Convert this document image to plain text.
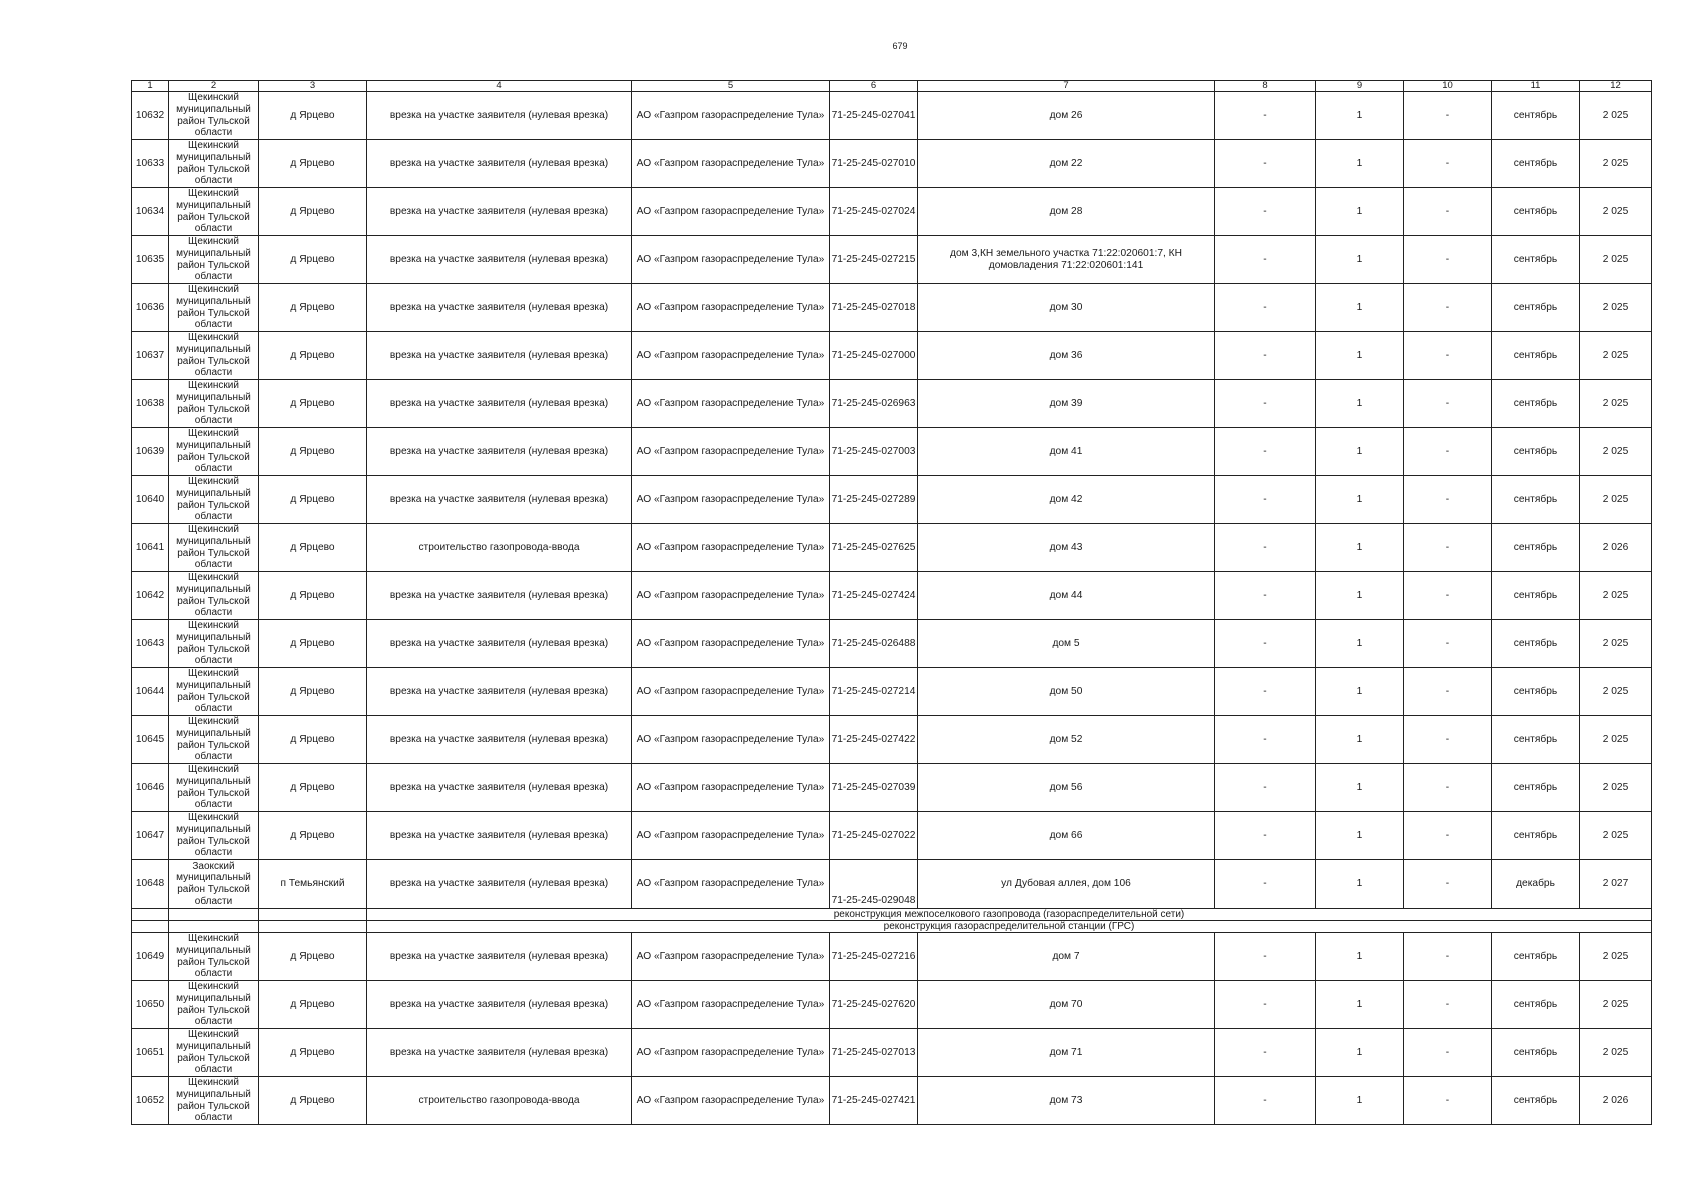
679
1	2	3	4	5	6	7	8	9	10	11	12
10632	Щекинский муниципальный район Тульской области	д Ярцево	врезка на участке заявителя (нулевая врезка)	АО «Газпром газораспределение Тула»	71-25-245-027041	дом 26	-	1	-	сентябрь	2 025
10633	Щекинский муниципальный район Тульской области	д Ярцево	врезка на участке заявителя (нулевая врезка)	АО «Газпром газораспределение Тула»	71-25-245-027010	дом 22	-	1	-	сентябрь	2 025
10634	Щекинский муниципальный район Тульской области	д Ярцево	врезка на участке заявителя (нулевая врезка)	АО «Газпром газораспределение Тула»	71-25-245-027024	дом 28	-	1	-	сентябрь	2 025
10635	Щекинский муниципальный район Тульской области	д Ярцево	врезка на участке заявителя (нулевая врезка)	АО «Газпром газораспределение Тула»	71-25-245-027215	дом 3,КН земельного участка 71:22:020601:7, КН домовладения 71:22:020601:141	-	1	-	сентябрь	2 025
10636	Щекинский муниципальный район Тульской области	д Ярцево	врезка на участке заявителя (нулевая врезка)	АО «Газпром газораспределение Тула»	71-25-245-027018	дом 30	-	1	-	сентябрь	2 025
10637	Щекинский муниципальный район Тульской области	д Ярцево	врезка на участке заявителя (нулевая врезка)	АО «Газпром газораспределение Тула»	71-25-245-027000	дом 36	-	1	-	сентябрь	2 025
10638	Щекинский муниципальный район Тульской области	д Ярцево	врезка на участке заявителя (нулевая врезка)	АО «Газпром газораспределение Тула»	71-25-245-026963	дом 39	-	1	-	сентябрь	2 025
10639	Щекинский муниципальный район Тульской области	д Ярцево	врезка на участке заявителя (нулевая врезка)	АО «Газпром газораспределение Тула»	71-25-245-027003	дом 41	-	1	-	сентябрь	2 025
10640	Щекинский муниципальный район Тульской области	д Ярцево	врезка на участке заявителя (нулевая врезка)	АО «Газпром газораспределение Тула»	71-25-245-027289	дом 42	-	1	-	сентябрь	2 025
10641	Щекинский муниципальный район Тульской области	д Ярцево	строительство газопровода-ввода	АО «Газпром газораспределение Тула»	71-25-245-027625	дом 43	-	1	-	сентябрь	2 026
10642	Щекинский муниципальный район Тульской области	д Ярцево	врезка на участке заявителя (нулевая врезка)	АО «Газпром газораспределение Тула»	71-25-245-027424	дом 44	-	1	-	сентябрь	2 025
10643	Щекинский муниципальный район Тульской области	д Ярцево	врезка на участке заявителя (нулевая врезка)	АО «Газпром газораспределение Тула»	71-25-245-026488	дом 5	-	1	-	сентябрь	2 025
10644	Щекинский муниципальный район Тульской области	д Ярцево	врезка на участке заявителя (нулевая врезка)	АО «Газпром газораспределение Тула»	71-25-245-027214	дом 50	-	1	-	сентябрь	2 025
10645	Щекинский муниципальный район Тульской области	д Ярцево	врезка на участке заявителя (нулевая врезка)	АО «Газпром газораспределение Тула»	71-25-245-027422	дом 52	-	1	-	сентябрь	2 025
10646	Щекинский муниципальный район Тульской области	д Ярцево	врезка на участке заявителя (нулевая врезка)	АО «Газпром газораспределение Тула»	71-25-245-027039	дом 56	-	1	-	сентябрь	2 025
10647	Щекинский муниципальный район Тульской области	д Ярцево	врезка на участке заявителя (нулевая врезка)	АО «Газпром газораспределение Тула»	71-25-245-027022	дом 66	-	1	-	сентябрь	2 025
10648	Заокский муниципальный район Тульской области	п Темьянский	врезка на участке заявителя (нулевая врезка)	АО «Газпром газораспределение Тула»	71-25-245-029048	ул Дубовая аллея, дом 106	-	1	-	декабрь	2 027
			реконструкция межпоселкового газопровода (газораспределительной сети)								
			реконструкция газораспределительной станции (ГРС)								
10649	Щекинский муниципальный район Тульской области	д Ярцево	врезка на участке заявителя (нулевая врезка)	АО «Газпром газораспределение Тула»	71-25-245-027216	дом 7	-	1	-	сентябрь	2 025
10650	Щекинский муниципальный район Тульской области	д Ярцево	врезка на участке заявителя (нулевая врезка)	АО «Газпром газораспределение Тула»	71-25-245-027620	дом 70	-	1	-	сентябрь	2 025
10651	Щекинский муниципальный район Тульской области	д Ярцево	врезка на участке заявителя (нулевая врезка)	АО «Газпром газораспределение Тула»	71-25-245-027013	дом 71	-	1	-	сентябрь	2 025
10652	Щекинский муниципальный район Тульской области	д Ярцево	строительство газопровода-ввода	АО «Газпром газораспределение Тула»	71-25-245-027421	дом 73	-	1	-	сентябрь	2 026
